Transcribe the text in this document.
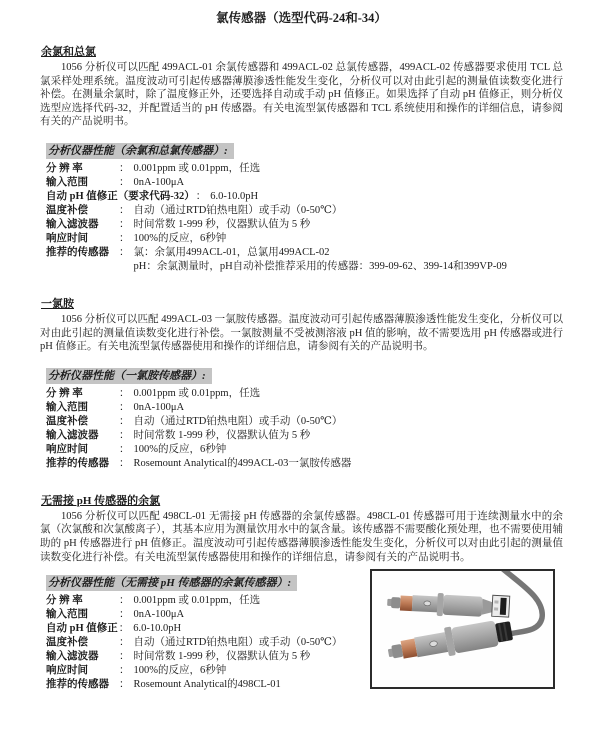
氯传感器（选型代码-24和-34）
余氯和总氯

1056 分析仪可以匹配 499ACL-01 余氯传感器和 499ACL-02 总氯传感器，499ACL-02 传感器要求使用 TCL 总氯采样处理系统。温度波动可引起传感器薄膜渗透性能发生变化，分析仪可以对由此引起的测量值读数变化进行补偿。在测量余氯时，除了温度修正外，还要选择自动或手动 pH 值修正。如果选择了自动 pH 值修正，则分析仪选型应选择代码-32，并配置适当的 pH 传感器。有关电流型氯传感器和 TCL 系统使用和操作的详细信息，请参阅有关的产品说明书。

分析仪器性能（余氯和总氯传感器）:
分 辨 率	： 0.001ppm 或 0.01ppm，任选
输入范围	： 0nA-100μA
自动 pH 值修正（要求代码-32） ： 6.0-10.0pH
温度补偿	： 自动（通过RTD铂热电阻）或手动（0-50℃）
输入滤波器	： 时间常数 1-999 秒，仪器默认值为 5 秒
响应时间	： 100%的反应，6秒钟
推荐的传感器 ： 氯：余氯用499ACL-01，总氯用499ACL-02
pH：余氯测量时，pH自动补偿推荐采用的传感器：399-09-62、399-14和399VP-09
一氯胺

1056 分析仪可以匹配 499ACL-03 一氯胺传感器。温度波动可引起传感器薄膜渗透性能发生变化，分析仪可以对由此引起的测量值读数变化进行补偿。一氯胺测量不受被测溶液 pH 值的影响，故不需要选用 pH 传感器或进行 pH 值修正。有关电流型氯传感器使用和操作的详细信息，请参阅有关的产品说明书。

分析仪器性能（一氯胺传感器）:
分 辨 率	： 0.001ppm 或 0.01ppm，任选
输入范围	： 0nA-100μA
温度补偿	： 自动（通过RTD铂热电阻）或手动（0-50℃）
输入滤波器	： 时间常数 1-999 秒，仪器默认值为 5 秒
响应时间	： 100%的反应，6秒钟
推荐的传感器 ： Rosemount Analytical的499ACL-03一氯胺传感器
无需接 pH 传感器的余氯

1056 分析仪可以匹配 498CL-01 无需接 pH 传感器的余氯传感器。498CL-01 传感器可用于连续测量水中的余氯（次氯酸和次氯酸离子），其基本应用为测量饮用水中的氯含量。该传感器不需要酸化预处理，也不需要使用辅助的 pH 传感器进行 pH 值修正。温度波动可引起传感器薄膜渗透性能发生变化，分析仪可以对由此引起的测量值读数变化进行补偿。有关电流型氯传感器使用和操作的详细信息，请参阅有关的产品说明书。

分析仪器性能（无需接 pH 传感器的余氯传感器）:
分 辨 率	： 0.001ppm 或 0.01ppm，任选
输入范围	： 0nA-100μA
自动 pH 值修正 ： 6.0-10.0pH
温度补偿	： 自动（通过RTD铂热电阻）或手动（0-50℃）
输入滤波器	： 时间常数 1-999 秒，仪器默认值为 5 秒
响应时间	： 100%的反应，6秒钟
推荐的传感器 ： Rosemount Analytical的498CL-01
